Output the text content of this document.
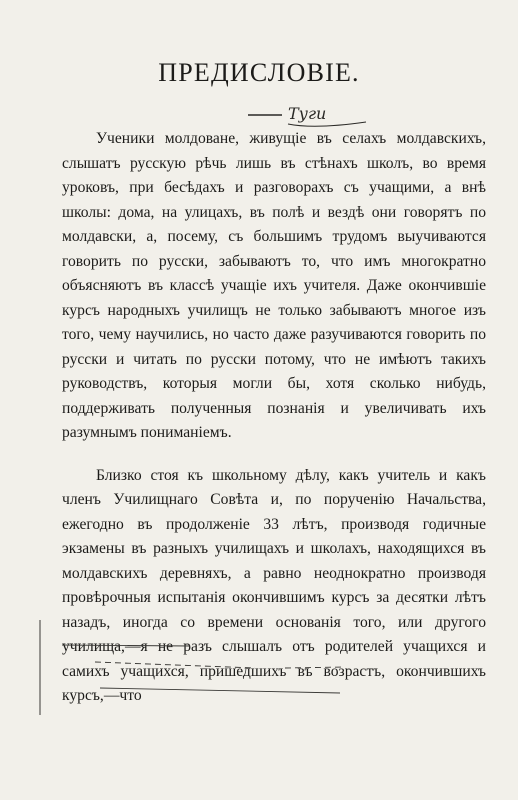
ПРЕДИСЛОВІЕ.
Туги

Ученики молдоване, живущіе въ селахъ молдавскихъ, слышатъ русскую рѣчь лишь въ стѣнахъ школъ, во время уроковъ, при бесѣдахъ и разговорахъ съ учащими, а внѣ школы: дома, на улицахъ, въ полѣ и вездѣ они говорятъ по молдавски, а, посему, съ большимъ трудомъ выучиваются говорить по русски, забываютъ то, что имъ многократно объясняютъ въ классѣ учащіе ихъ учителя. Даже окончившіе курсъ народныхъ училищъ не только забываютъ многое изъ того, чему научились, но часто даже разучиваются говорить по русски и читать по русски потому, что не имѣютъ такихъ руководствъ, которыя могли бы, хотя сколько нибудь, поддерживать полученныя познанія и увеличивать ихъ разумнымъ пониманіемъ.

Близко стоя къ школьному дѣлу, какъ учитель и какъ членъ Училищнаго Совѣта и, по порученію Начальства, ежегодно въ продолженіе 33 лѣтъ, производя годичные экзамены въ разныхъ училищахъ и школахъ, находящихся въ молдавскихъ деревняхъ, а равно неоднократно производя провѣрочныя испытанія окончившимъ курсъ за десятки лѣтъ назадъ, иногда со времени основанія того, или другого училища,—я не разъ слышалъ отъ родителей учащихся и самихъ учащихся, пришедшихъ въ возрастъ, окончившихъ курсъ,—что
